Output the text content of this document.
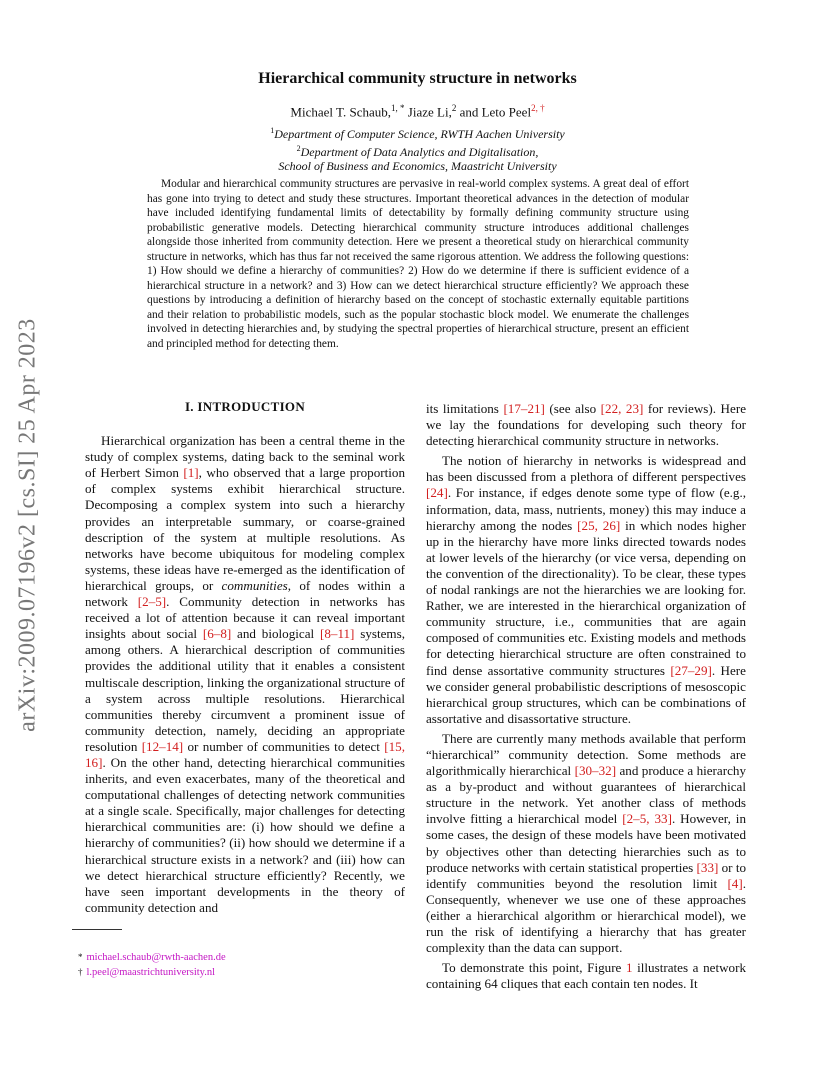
arXiv:2009.07196v2 [cs.SI] 25 Apr 2023
Hierarchical community structure in networks
Michael T. Schaub,$^{1, *}$ Jiaze Li,$^2$ and Leto Peel$^{2, \dagger}$
$^1$Department of Computer Science, RWTH Aachen University
$^2$Department of Data Analytics and Digitalisation,
School of Business and Economics, Maastricht University
Modular and hierarchical community structures are pervasive in real-world complex systems. A great deal of effort has gone into trying to detect and study these structures. Important theoretical advances in the detection of modular have included identifying fundamental limits of detectability by formally defining community structure using probabilistic generative models. Detecting hierarchical community structure introduces additional challenges alongside those inherited from community detection. Here we present a theoretical study on hierarchical community structure in networks, which has thus far not received the same rigorous attention. We address the following questions: 1) How should we define a hierarchy of communities? 2) How do we determine if there is sufficient evidence of a hierarchical structure in a network? and 3) How can we detect hierarchical structure efficiently? We approach these questions by introducing a definition of hierarchy based on the concept of stochastic externally equitable partitions and their relation to probabilistic models, such as the popular stochastic block model. We enumerate the challenges involved in detecting hierarchies and, by studying the spectral properties of hierarchical structure, present an efficient and principled method for detecting them.
I. INTRODUCTION

Hierarchical organization has been a central theme in the study of complex systems, dating back to the seminal work of Herbert Simon [1], who observed that a large proportion of complex systems exhibit hierarchical structure. Decomposing a complex system into such a hierarchy provides an interpretable summary, or coarse-grained description of the system at multiple resolutions. As networks have become ubiquitous for modeling complex systems, these ideas have re-emerged as the identification of hierarchical groups, or communities, of nodes within a network [2–5]. Community detection in networks has received a lot of attention because it can reveal important insights about social [6–8] and biological [8–11] systems, among others. A hierarchical description of communities provides the additional utility that it enables a consistent multiscale description, linking the organizational structure of a system across multiple resolutions. Hierarchical communities thereby circumvent a prominent issue of community detection, namely, deciding an appropriate resolution [12–14] or number of communities to detect [15, 16]. On the other hand, detecting hierarchical communities inherits, and even exacerbates, many of the theoretical and computational challenges of detecting network communities at a single scale. Specifically, major challenges for detecting hierarchical communities are: (i) how should we define a hierarchy of communities? (ii) how should we determine if a hierarchical structure exists in a network? and (iii) how can we detect hierarchical structure efficiently? Recently, we have seen important developments in the theory of community detection and

its limitations [17–21] (see also [22, 23] for reviews). Here we lay the foundations for developing such theory for detecting hierarchical community structure in networks.

The notion of hierarchy in networks is widespread and has been discussed from a plethora of different perspectives [24]. For instance, if edges denote some type of flow (e.g., information, data, mass, nutrients, money) this may induce a hierarchy among the nodes [25, 26] in which nodes higher up in the hierarchy have more links directed towards nodes at lower levels of the hierarchy (or vice versa, depending on the convention of the directionality). To be clear, these types of nodal rankings are not the hierarchies we are looking for. Rather, we are interested in the hierarchical organization of community structure, i.e., communities that are again composed of communities etc. Existing models and methods for detecting hierarchical structure are often constrained to find dense assortative community structures [27–29]. Here we consider general probabilistic descriptions of mesoscopic hierarchical group structures, which can be combinations of assortative and disassortative structure.

There are currently many methods available that perform “hierarchical” community detection. Some methods are algorithmically hierarchical [30–32] and produce a hierarchy as a by-product and without guarantees of hierarchical structure in the network. Yet another class of methods involve fitting a hierarchical model [2–5, 33]. However, in some cases, the design of these models have been motivated by objectives other than detecting hierarchies such as to produce networks with certain statistical properties [33] or to identify communities beyond the resolution limit [4]. Consequently, whenever we use one of these approaches (either a hierarchical algorithm or hierarchical model), we run the risk of identifying a hierarchy that has greater complexity than the data can support.

To demonstrate this point, Figure 1 illustrates a network containing 64 cliques that each contain ten nodes. It

* michael.schaub@rwth-aachen.de
† l.peel@maastrichtuniversity.nl
